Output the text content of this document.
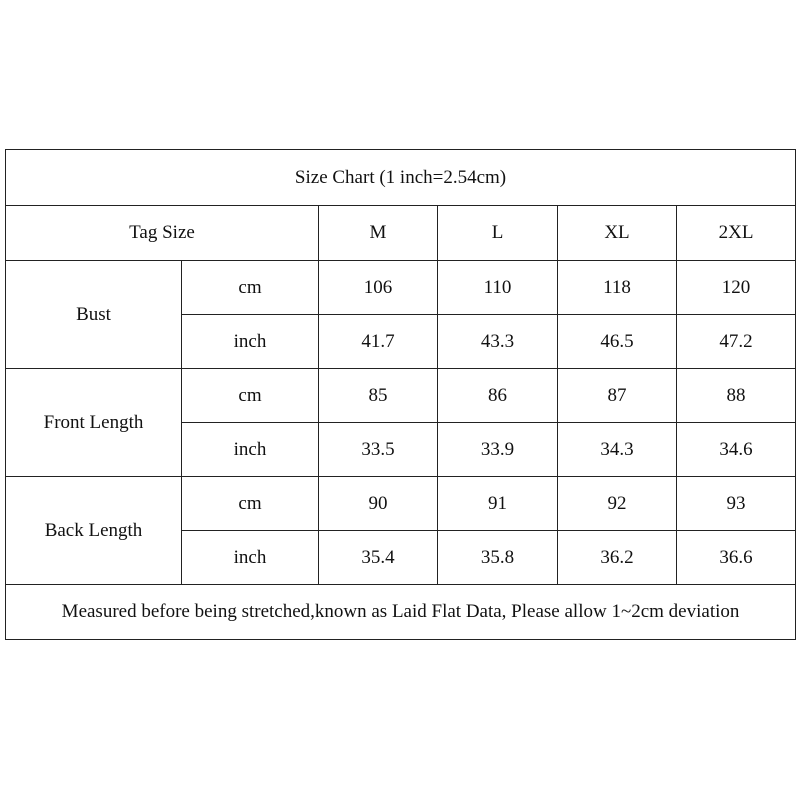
Size Chart (1 inch=2.54cm)					
Tag Size		M	L	XL	2XL
Bust	cm	106	110	118	120
	inch	41.7	43.3	46.5	47.2
Front Length	cm	85	86	87	88
	inch	33.5	33.9	34.3	34.6
Back Length	cm	90	91	92	93
	inch	35.4	35.8	36.2	36.6
Measured before being stretched,known as Laid Flat Data, Please allow 1~2cm deviation					
